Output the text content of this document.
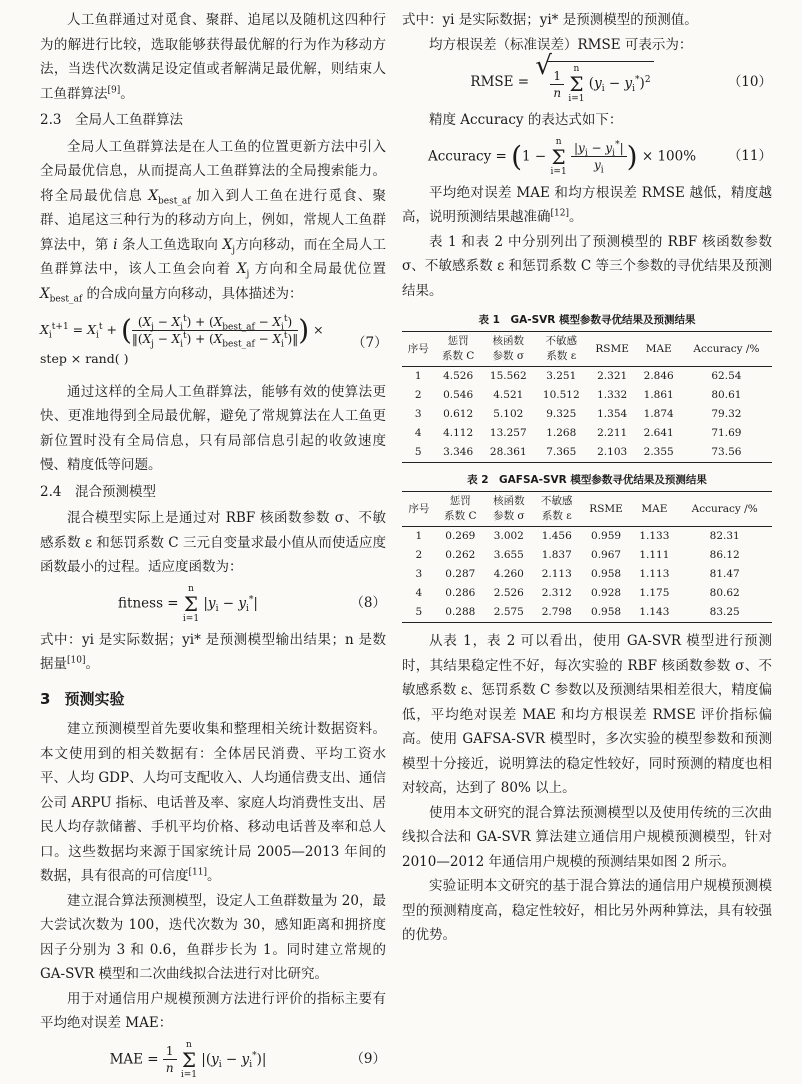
人工鱼群通过对觅食、聚群、追尾以及随机这四种行为的解进行比较，选取能够获得最优解的行为作为移动方法，当迭代次数满足设定值或者解满足最优解，则结束人工鱼群算法[9]。

2.3　全局人工鱼群算法

全局人工鱼群算法是在人工鱼的位置更新方法中引入全局最优信息，从而提高人工鱼群算法的全局搜索能力。将全局最优信息 $X_{best\_af}$ 加入到人工鱼在进行觅食、聚群、追尾这三种行为的移动方向上，例如，常规人工鱼群算法中，第 i 条人工鱼选取向 $X_j$方向移动，而在全局人工鱼群算法中，该人工鱼会向着 $X_j$ 方向和全局最优位置 $X_{best\_af}$ 的合成向量方向移动，具体描述为：

$X_i^{t+1} = X_i^t$ + ( $\frac{(X_j - X_i^t) + (X_{best\_af} - X_i^t)}{‖(X_j - X_i^t) + (X_{best\_af} - X_i^t)‖}$ ) × step × rand( )
（7）

通过这样的全局人工鱼群算法，能够有效的使算法更快、更准地得到全局最优解，避免了常规算法在人工鱼更新位置时没有全局信息，只有局部信息引起的收敛速度慢、精度低等问题。

2.4　混合预测模型

混合模型实际上是通过对 RBF 核函数参数 σ、不敏感系数 ε 和惩罚系数 C 三元自变量求最小值从而使适应度函数最小的过程。适应度函数为：

fitness = n
Σ
i=1 $|y_i - y_i^*|$	（8）

式中：yi 是实际数据；yi* 是预测模型输出结果；n 是数据量[10]。

3 预测实验

建立预测模型首先要收集和整理相关统计数据资料。本文使用到的相关数据有：全体居民消费、平均工资水平、人均 GDP、人均可支配收入、人均通信费支出、通信公司 ARPU 指标、电话普及率、家庭人均消费性支出、居民人均存款储蓄、手机平均价格、移动电话普及率和总人口。这些数据均来源于国家统计局 2005—2013 年间的数据，具有很高的可信度[11]。

建立混合算法预测模型，设定人工鱼群数量为 20，最大尝试次数为 100，迭代次数为 30，感知距离和拥挤度因子分别为 3 和 0.6，鱼群步长为 1。同时建立常规的 GA-SVR 模型和二次曲线拟合法进行对比研究。

用于对通信用户规模预测方法进行评价的指标主要有平均绝对误差 MAE：

MAE = $\frac{1}{n}$ n
Σ
i=1 $|(y_i - y_i^*)|$	（9）

式中：yi 是实际数据；yi* 是预测模型的预测值。

均方根误差（标准误差）RMSE 可表示为：

RMSE = √ $\frac{1}{n}$ n
Σ
i=1 $(y_i - y_i^*)^2$	（10）

精度 Accuracy 的表达式如下：

Accuracy = (1 − n
Σ
$i=1 \frac{|y_i - y_i^*|}{y_i}$ ) × 100%	（11）

平均绝对误差 MAE 和均方根误差 RMSE 越低，精度越高，说明预测结果越准确[12]。

表 1 和表 2 中分别列出了预测模型的 RBF 核函数参数 σ、不敏感系数 ε 和惩罚系数 C 等三个参数的寻优结果及预测结果。

表 1　GA-SVR 模型参数寻优结果及预测结果
序号	惩罚
系数 C	核函数
参数 σ	不敏感
系数 ε	RSME	MAE	Accuracy /%
1	4.526	15.562	3.251	2.321	2.846	62.54
2	0.546	4.521	10.512	1.332	1.861	80.61
3	0.612	5.102	9.325	1.354	1.874	79.32
4	4.112	13.257	1.268	2.211	2.641	71.69
5	3.346	28.361	7.365	2.103	2.355	73.56
表 2　GAFSA-SVR 模型参数寻优结果及预测结果
序号	惩罚
系数 C	核函数
参数 σ	不敏感
系数 ε	RSME	MAE	Accuracy /%
1	0.269	3.002	1.456	0.959	1.133	82.31
2	0.262	3.655	1.837	0.967	1.111	86.12
3	0.287	4.260	2.113	0.958	1.113	81.47
4	0.286	2.526	2.312	0.928	1.175	80.62
5	0.288	2.575	2.798	0.958	1.143	83.25

从表 1，表 2 可以看出，使用 GA-SVR 模型进行预测时，其结果稳定性不好，每次实验的 RBF 核函数参数 σ、不敏感系数 ε、惩罚系数 C 参数以及预测结果相差很大，精度偏低，平均绝对误差 MAE 和均方根误差 RMSE 评价指标偏高。使用 GAFSA-SVR 模型时，多次实验的模型参数和预测模型十分接近，说明算法的稳定性较好，同时预测的精度也相对较高，达到了 80% 以上。

使用本文研究的混合算法预测模型以及使用传统的三次曲线拟合法和 GA-SVR 算法建立通信用户规模预测模型，针对 2010—2012 年通信用户规模的预测结果如图 2 所示。

实验证明本文研究的基于混合算法的通信用户规模预测模型的预测精度高，稳定性较好，相比另外两种算法，具有较强的优势。
